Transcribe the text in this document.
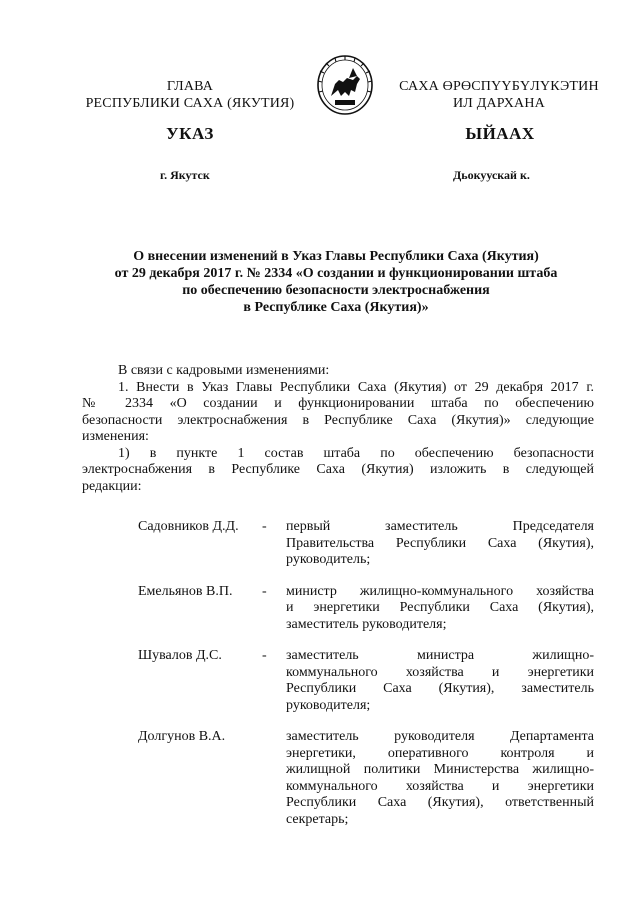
ГЛАВА
РЕСПУБЛИКИ САХА (ЯКУТИЯ)
САХА ӨРӨСПҮҮБҮЛҮКЭТИН
ИЛ ДАРХАНА
УКАЗ	ЫЙААХ
г. Якутск	Дьокуускай к.
О внесении изменений в Указ Главы Республики Саха (Якутия)
от 29 декабря 2017 г. № 2334 «О создании и функционировании штаба
по обеспечению безопасности электроснабжения
в Республике Саха (Якутия)»

В связи с кадровыми изменениями:

1. Внести в Указ Главы Республики Саха (Якутия) от 29 декабря 2017 г.
№ 2334 «О создании и функционировании штаба по обеспечению
безопасности электроснабжения в Республике Саха (Якутия)» следующие
изменения:

1) в пункте 1 состав штаба по обеспечению безопасности
электроснабжения в Республике Саха (Якутия) изложить в следующей
редакции:

Садовников Д.Д.	-	первый заместитель Председателя
Правительства Республики Саха (Якутия),
руководитель;
Емельянов В.П.	-	министр жилищно-коммунального хозяйства
и энергетики Республики Саха (Якутия),
заместитель руководителя;
Шувалов Д.С.	-	заместитель министра жилищно-
коммунального хозяйства и энергетики
Республики Саха (Якутия), заместитель
руководителя;
Долгунов В.А.	заместитель руководителя Департамента
энергетики, оперативного контроля и
жилищной политики Министерства жилищно-
коммунального хозяйства и энергетики
Республики Саха (Якутия), ответственный
секретарь;
